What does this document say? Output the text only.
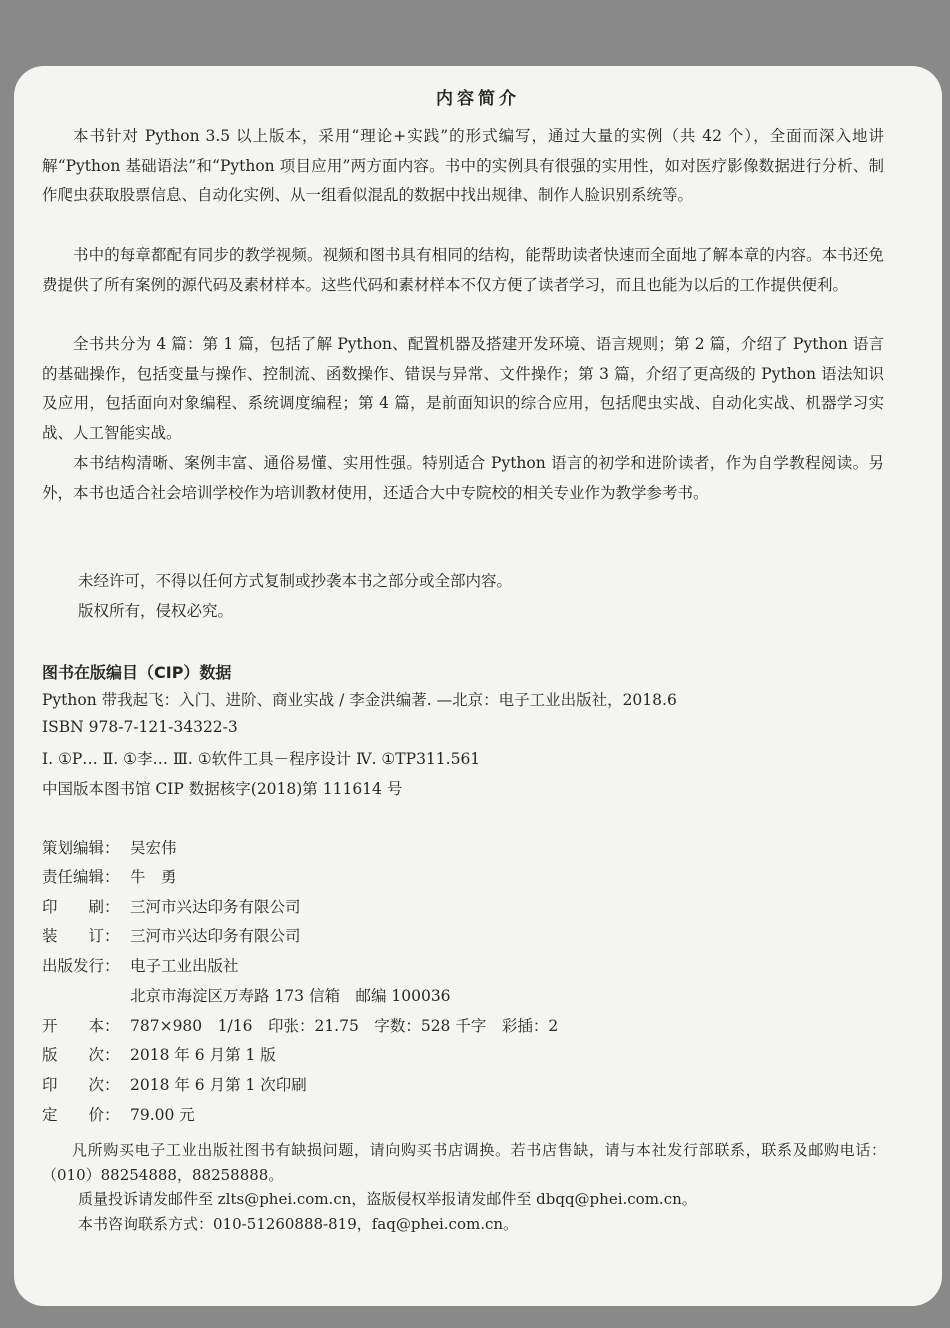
内容简介

本书针对 Python 3.5 以上版本，采用“理论+实践”的形式编写，通过大量的实例（共 42 个），全面而深入地讲解“Python 基础语法”和“Python 项目应用”两方面内容。书中的实例具有很强的实用性，如对医疗影像数据进行分析、制作爬虫获取股票信息、自动化实例、从一组看似混乱的数据中找出规律、制作人脸识别系统等。

书中的每章都配有同步的教学视频。视频和图书具有相同的结构，能帮助读者快速而全面地了解本章的内容。本书还免费提供了所有案例的源代码及素材样本。这些代码和素材样本不仅方便了读者学习，而且也能为以后的工作提供便利。

全书共分为 4 篇：第 1 篇，包括了解 Python、配置机器及搭建开发环境、语言规则；第 2 篇，介绍了 Python 语言的基础操作，包括变量与操作、控制流、函数操作、错误与异常、文件操作；第 3 篇，介绍了更高级的 Python 语法知识及应用，包括面向对象编程、系统调度编程；第 4 篇，是前面知识的综合应用，包括爬虫实战、自动化实战、机器学习实战、人工智能实战。

本书结构清晰、案例丰富、通俗易懂、实用性强。特别适合 Python 语言的初学和进阶读者，作为自学教程阅读。另外，本书也适合社会培训学校作为培训教材使用，还适合大中专院校的相关专业作为教学参考书。

未经许可，不得以任何方式复制或抄袭本书之部分或全部内容。
版权所有，侵权必究。
图书在版编目（CIP）数据
Python 带我起飞：入门、进阶、商业实战 / 李金洪编著. —北京：电子工业出版社，2018.6
ISBN 978-7-121-34322-3
Ⅰ. ①P… Ⅱ. ①李… Ⅲ. ①软件工具－程序设计 Ⅳ. ①TP311.561
中国版本图书馆 CIP 数据核字(2018)第 111614 号
策划编辑： 吴宏伟
责任编辑： 牛　勇
印　　刷： 三河市兴达印务有限公司
装　　订： 三河市兴达印务有限公司
出版发行： 电子工业出版社
北京市海淀区万寿路 173 信箱　邮编 100036
开　　本： 787×980　1/16　印张：21.75　字数：528 千字　彩插：2
版　　次： 2018 年 6 月第 1 版
印　　次： 2018 年 6 月第 1 次印刷
定　　价： 79.00 元

凡所购买电子工业出版社图书有缺损问题，请向购买书店调换。若书店售缺，请与本社发行部联系，联系及邮购电话：（010）88254888，88258888。

质量投诉请发邮件至 zlts@phei.com.cn，盗版侵权举报请发邮件至 dbqq@phei.com.cn。
本书咨询联系方式：010-51260888-819，faq@phei.com.cn。
